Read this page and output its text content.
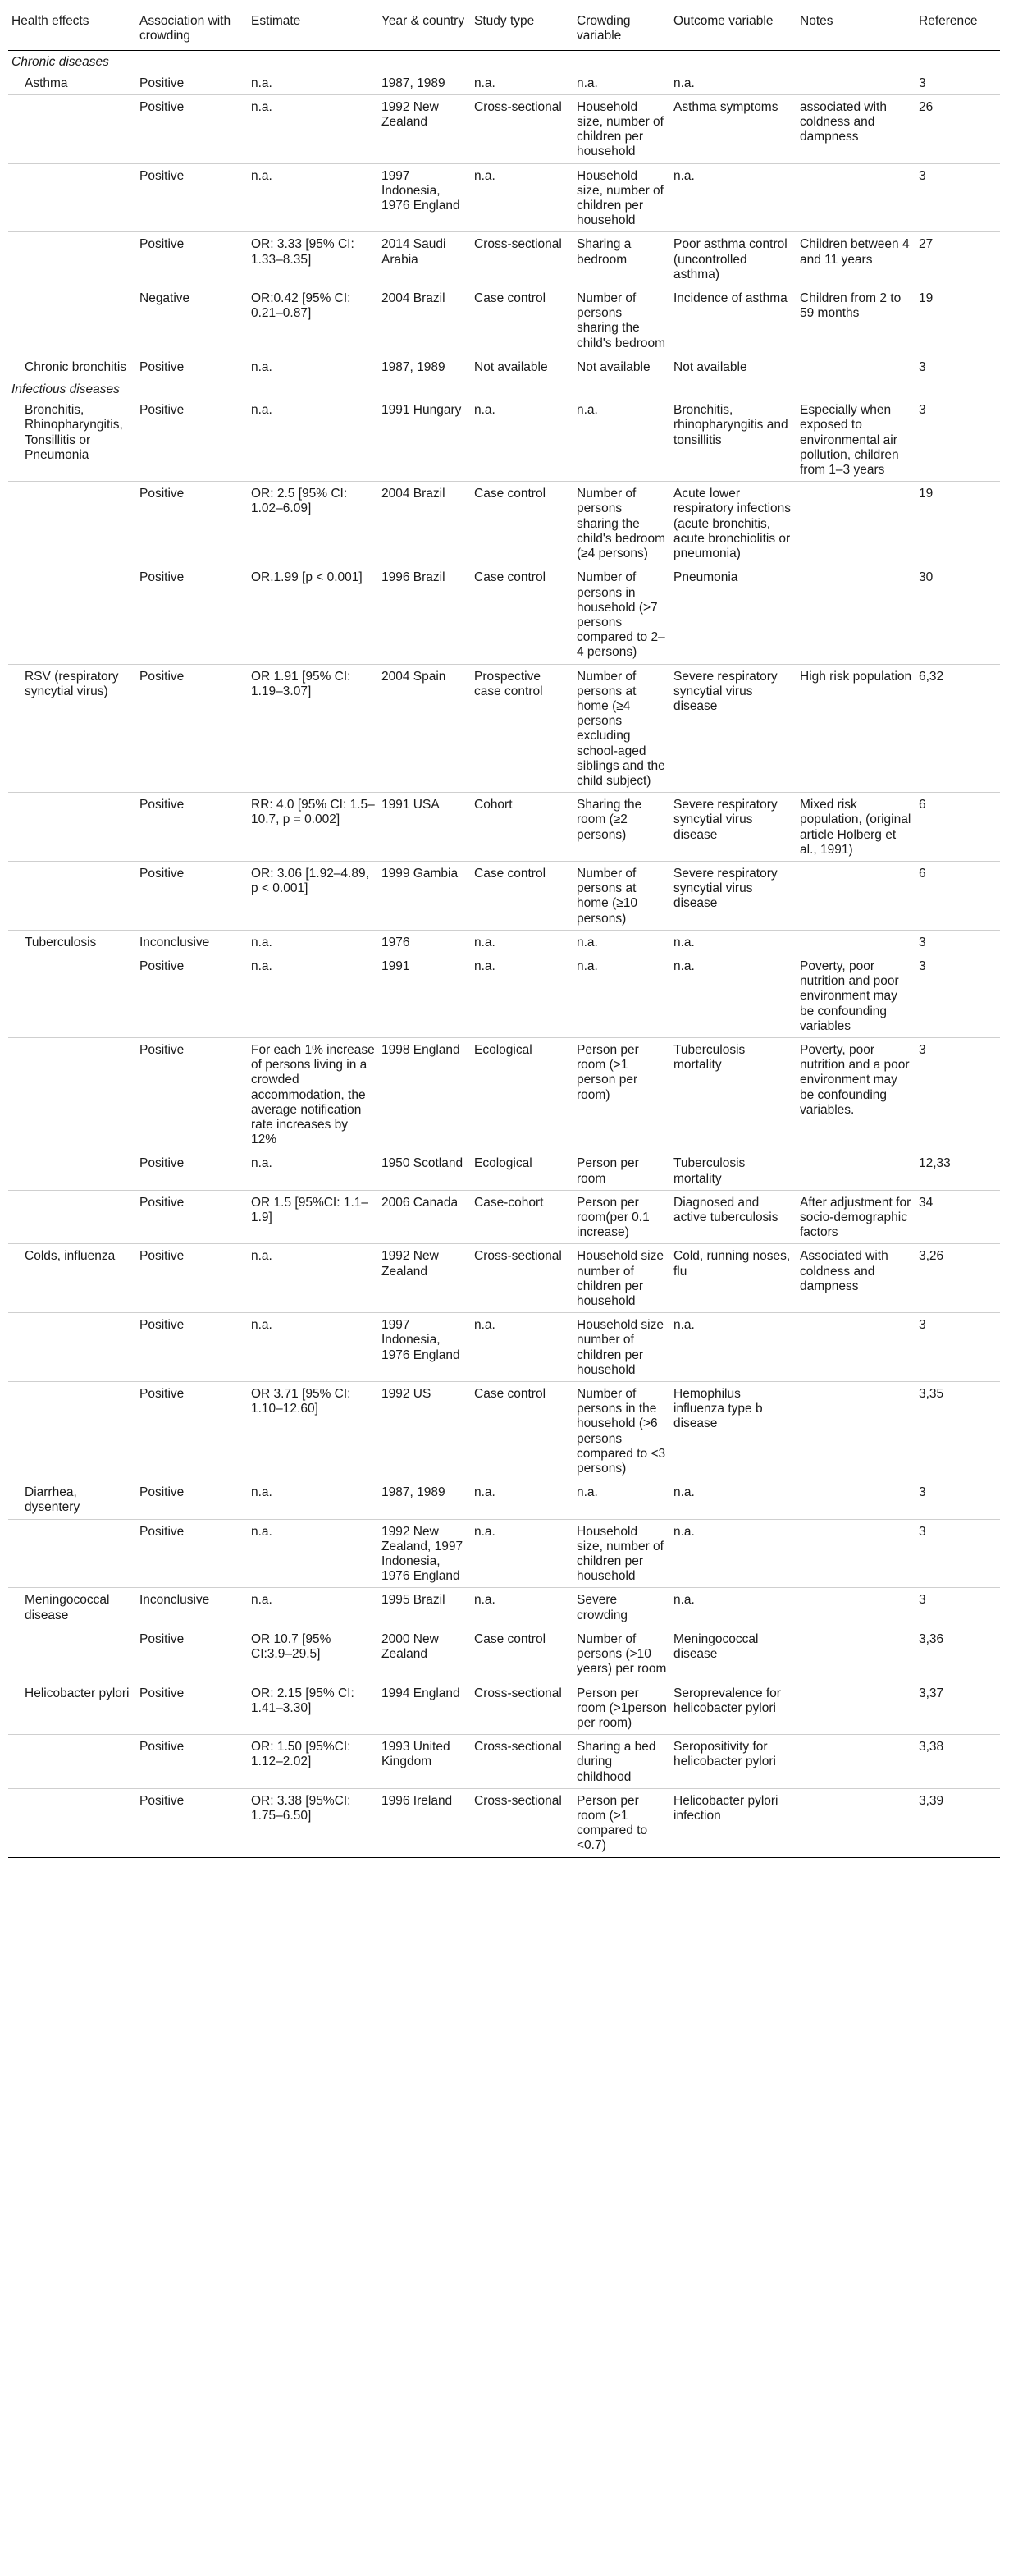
Health effects	Association with crowding	Estimate	Year & country	Study type	Crowding variable	Outcome variable	Notes	Reference
Chronic diseases								
Asthma	Positive	n.a.	1987, 1989	n.a.	n.a.	n.a.		3
	Positive	n.a.	1992 New Zealand	Cross-sectional	Household size, number of children per household	Asthma symptoms	associated with coldness and dampness	26
	Positive	n.a.	1997 Indonesia, 1976 England	n.a.	Household size, number of children per household	n.a.		3
	Positive	OR: 3.33 [95% CI: 1.33–8.35]	2014 Saudi Arabia	Cross-sectional	Sharing a bedroom	Poor asthma control (uncontrolled asthma)	Children between 4 and 11 years	27
	Negative	OR:0.42 [95% CI: 0.21–0.87]	2004 Brazil	Case control	Number of persons sharing the child's bedroom	Incidence of asthma	Children from 2 to 59 months	19
Chronic bronchitis	Positive	n.a.	1987, 1989	Not available	Not available	Not available		3
Infectious diseases								
Bronchitis, Rhinopharyngitis, Tonsillitis or Pneumonia	Positive	n.a.	1991 Hungary	n.a.	n.a.	Bronchitis, rhinopharyngitis and tonsillitis	Especially when exposed to environmental air pollution, children from 1–3 years	3
	Positive	OR: 2.5 [95% CI: 1.02–6.09]	2004 Brazil	Case control	Number of persons sharing the child's bedroom (≥4 persons)	Acute lower respiratory infections (acute bronchitis, acute bronchiolitis or pneumonia)		19
	Positive	OR.1.99 [p < 0.001]	1996 Brazil	Case control	Number of persons in household (>7 persons compared to 2–4 persons)	Pneumonia		30
RSV (respiratory syncytial virus)	Positive	OR 1.91 [95% CI: 1.19–3.07]	2004 Spain	Prospective case control	Number of persons at home (≥4 persons excluding school-aged siblings and the child subject)	Severe respiratory syncytial virus disease	High risk population	6,32
	Positive	RR: 4.0 [95% CI: 1.5–10.7, p = 0.002]	1991 USA	Cohort	Sharing the room (≥2 persons)	Severe respiratory syncytial virus disease	Mixed risk population, (original article Holberg et al., 1991)	6
	Positive	OR: 3.06 [1.92–4.89, p < 0.001]	1999 Gambia	Case control	Number of persons at home (≥10 persons)	Severe respiratory syncytial virus disease		6
Tuberculosis	Inconclusive	n.a.	1976	n.a.	n.a.	n.a.		3
	Positive	n.a.	1991	n.a.	n.a.	n.a.	Poverty, poor nutrition and poor environment may be confounding variables	3
	Positive	For each 1% increase of persons living in a crowded accommodation, the average notification rate increases by 12%	1998 England	Ecological	Person per room (>1 person per room)	Tuberculosis mortality	Poverty, poor nutrition and a poor environment may be confounding variables.	3
	Positive	n.a.	1950 Scotland	Ecological	Person per room	Tuberculosis mortality		12,33
	Positive	OR 1.5 [95%CI: 1.1–1.9]	2006 Canada	Case-cohort	Person per room(per 0.1 increase)	Diagnosed and active tuberculosis	After adjustment for socio-demographic factors	34
Colds, influenza	Positive	n.a.	1992 New Zealand	Cross-sectional	Household size number of children per household	Cold, running noses, flu	Associated with coldness and dampness	3,26
	Positive	n.a.	1997 Indonesia, 1976 England	n.a.	Household size number of children per household	n.a.		3
	Positive	OR 3.71 [95% CI: 1.10–12.60]	1992 US	Case control	Number of persons in the household (>6 persons compared to <3 persons)	Hemophilus influenza type b disease		3,35
Diarrhea, dysentery	Positive	n.a.	1987, 1989	n.a.	n.a.	n.a.		3
	Positive	n.a.	1992 New Zealand, 1997 Indonesia, 1976 England	n.a.	Household size, number of children per household	n.a.		3
Meningococcal disease	Inconclusive	n.a.	1995 Brazil	n.a.	Severe crowding	n.a.		3
	Positive	OR 10.7 [95% CI:3.9–29.5]	2000 New Zealand	Case control	Number of persons (>10 years) per room	Meningococcal disease		3,36
Helicobacter pylori	Positive	OR: 2.15 [95% CI: 1.41–3.30]	1994 England	Cross-sectional	Person per room (>1person per room)	Seroprevalence for helicobacter pylori		3,37
	Positive	OR: 1.50 [95%CI: 1.12–2.02]	1993 United Kingdom	Cross-sectional	Sharing a bed during childhood	Seropositivity for helicobacter pylori		3,38
	Positive	OR: 3.38 [95%CI: 1.75–6.50]	1996 Ireland	Cross-sectional	Person per room (>1 compared to <0.7)	Helicobacter pylori infection		3,39
